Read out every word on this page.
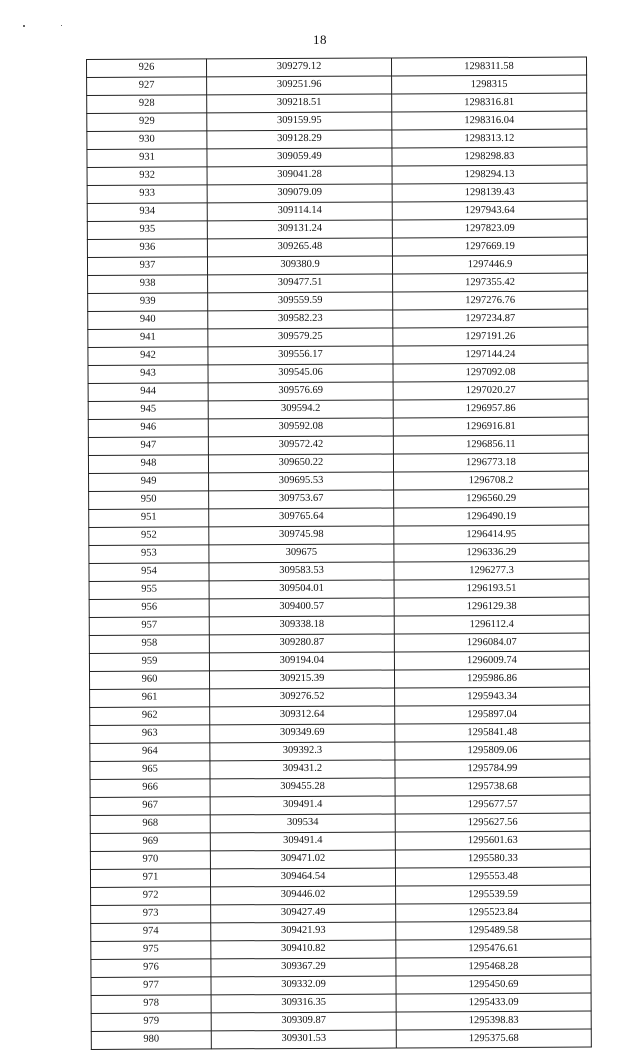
18
926	309279.12	1298311.58
927	309251.96	1298315
928	309218.51	1298316.81
929	309159.95	1298316.04
930	309128.29	1298313.12
931	309059.49	1298298.83
932	309041.28	1298294.13
933	309079.09	1298139.43
934	309114.14	1297943.64
935	309131.24	1297823.09
936	309265.48	1297669.19
937	309380.9	1297446.9
938	309477.51	1297355.42
939	309559.59	1297276.76
940	309582.23	1297234.87
941	309579.25	1297191.26
942	309556.17	1297144.24
943	309545.06	1297092.08
944	309576.69	1297020.27
945	309594.2	1296957.86
946	309592.08	1296916.81
947	309572.42	1296856.11
948	309650.22	1296773.18
949	309695.53	1296708.2
950	309753.67	1296560.29
951	309765.64	1296490.19
952	309745.98	1296414.95
953	309675	1296336.29
954	309583.53	1296277.3
955	309504.01	1296193.51
956	309400.57	1296129.38
957	309338.18	1296112.4
958	309280.87	1296084.07
959	309194.04	1296009.74
960	309215.39	1295986.86
961	309276.52	1295943.34
962	309312.64	1295897.04
963	309349.69	1295841.48
964	309392.3	1295809.06
965	309431.2	1295784.99
966	309455.28	1295738.68
967	309491.4	1295677.57
968	309534	1295627.56
969	309491.4	1295601.63
970	309471.02	1295580.33
971	309464.54	1295553.48
972	309446.02	1295539.59
973	309427.49	1295523.84
974	309421.93	1295489.58
975	309410.82	1295476.61
976	309367.29	1295468.28
977	309332.09	1295450.69
978	309316.35	1295433.09
979	309309.87	1295398.83
980	309301.53	1295375.68
